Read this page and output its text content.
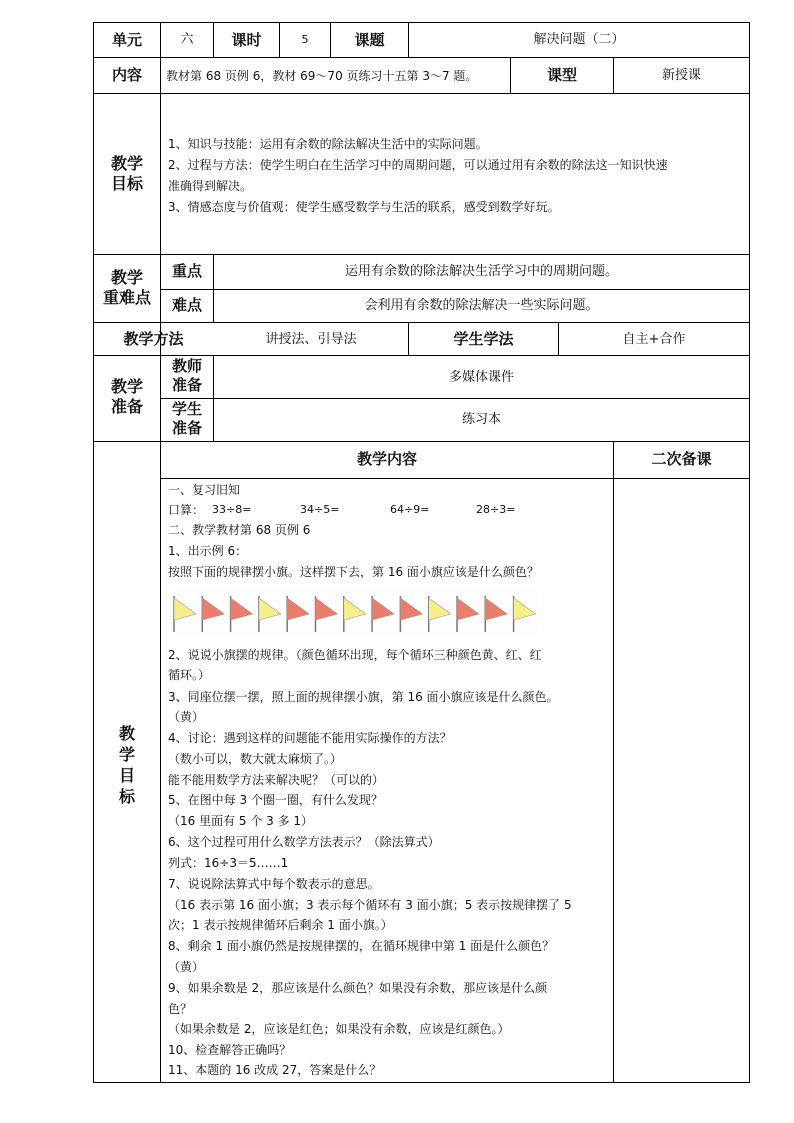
单元	六	课时	5	课题	解决问题（二）
内容	教材第 68 页例 6，教材 69～70 页练习十五第 3～7 题。	课型	新授课
教学
目标
1、知识与技能：运用有余数的除法解决生活中的实际问题。
2、过程与方法：使学生明白在生活学习中的周期问题，可以通过用有余数的除法这一知识快速
准确得到解决。
3、情感态度与价值观：使学生感受数学与生活的联系，感受到数学好玩。
教学
重难点
重点	运用有余数的除法解决生活学习中的周期问题。
难点	会利用有余数的除法解决一些实际问题。
教学方法	讲授法、引导法	学生学法	自主+合作
教学
准备
教师
准备	多媒体课件
学生
准备	练习本
教
学
目
标
教学内容	二次备课
一、复习旧知
口算： 33÷8=	34÷5=	64÷9=	28÷3=
二、教学教材第 68 页例 6
1、出示例 6：
按照下面的规律摆小旗。这样摆下去，第 16 面小旗应该是什么颜色？
2、说说小旗摆的规律。（颜色循环出现，每个循环三种颜色黄、红、红
循环。）
3、同座位摆一摆，照上面的规律摆小旗，第 16 面小旗应该是什么颜色。
（黄）
4、讨论：遇到这样的问题能不能用实际操作的方法？
（数小可以，数大就太麻烦了。）
能不能用数学方法来解决呢？（可以的）
5、在图中每 3 个圈一圈，有什么发现？
（16 里面有 5 个 3 多 1）
6、这个过程可用什么数学方法表示？（除法算式）
列式：16÷3＝5……1
7、说说除法算式中每个数表示的意思。
（16 表示第 16 面小旗；3 表示每个循环有 3 面小旗；5 表示按规律摆了 5
次；1 表示按规律循环后剩余 1 面小旗。）
8、剩余 1 面小旗仍然是按规律摆的，在循环规律中第 1 面是什么颜色？
（黄）
9、如果余数是 2，那应该是什么颜色？如果没有余数，那应该是什么颜
色？
（如果余数是 2，应该是红色；如果没有余数，应该是红颜色。）
10、检查解答正确吗？
11、本题的 16 改成 27，答案是什么？
